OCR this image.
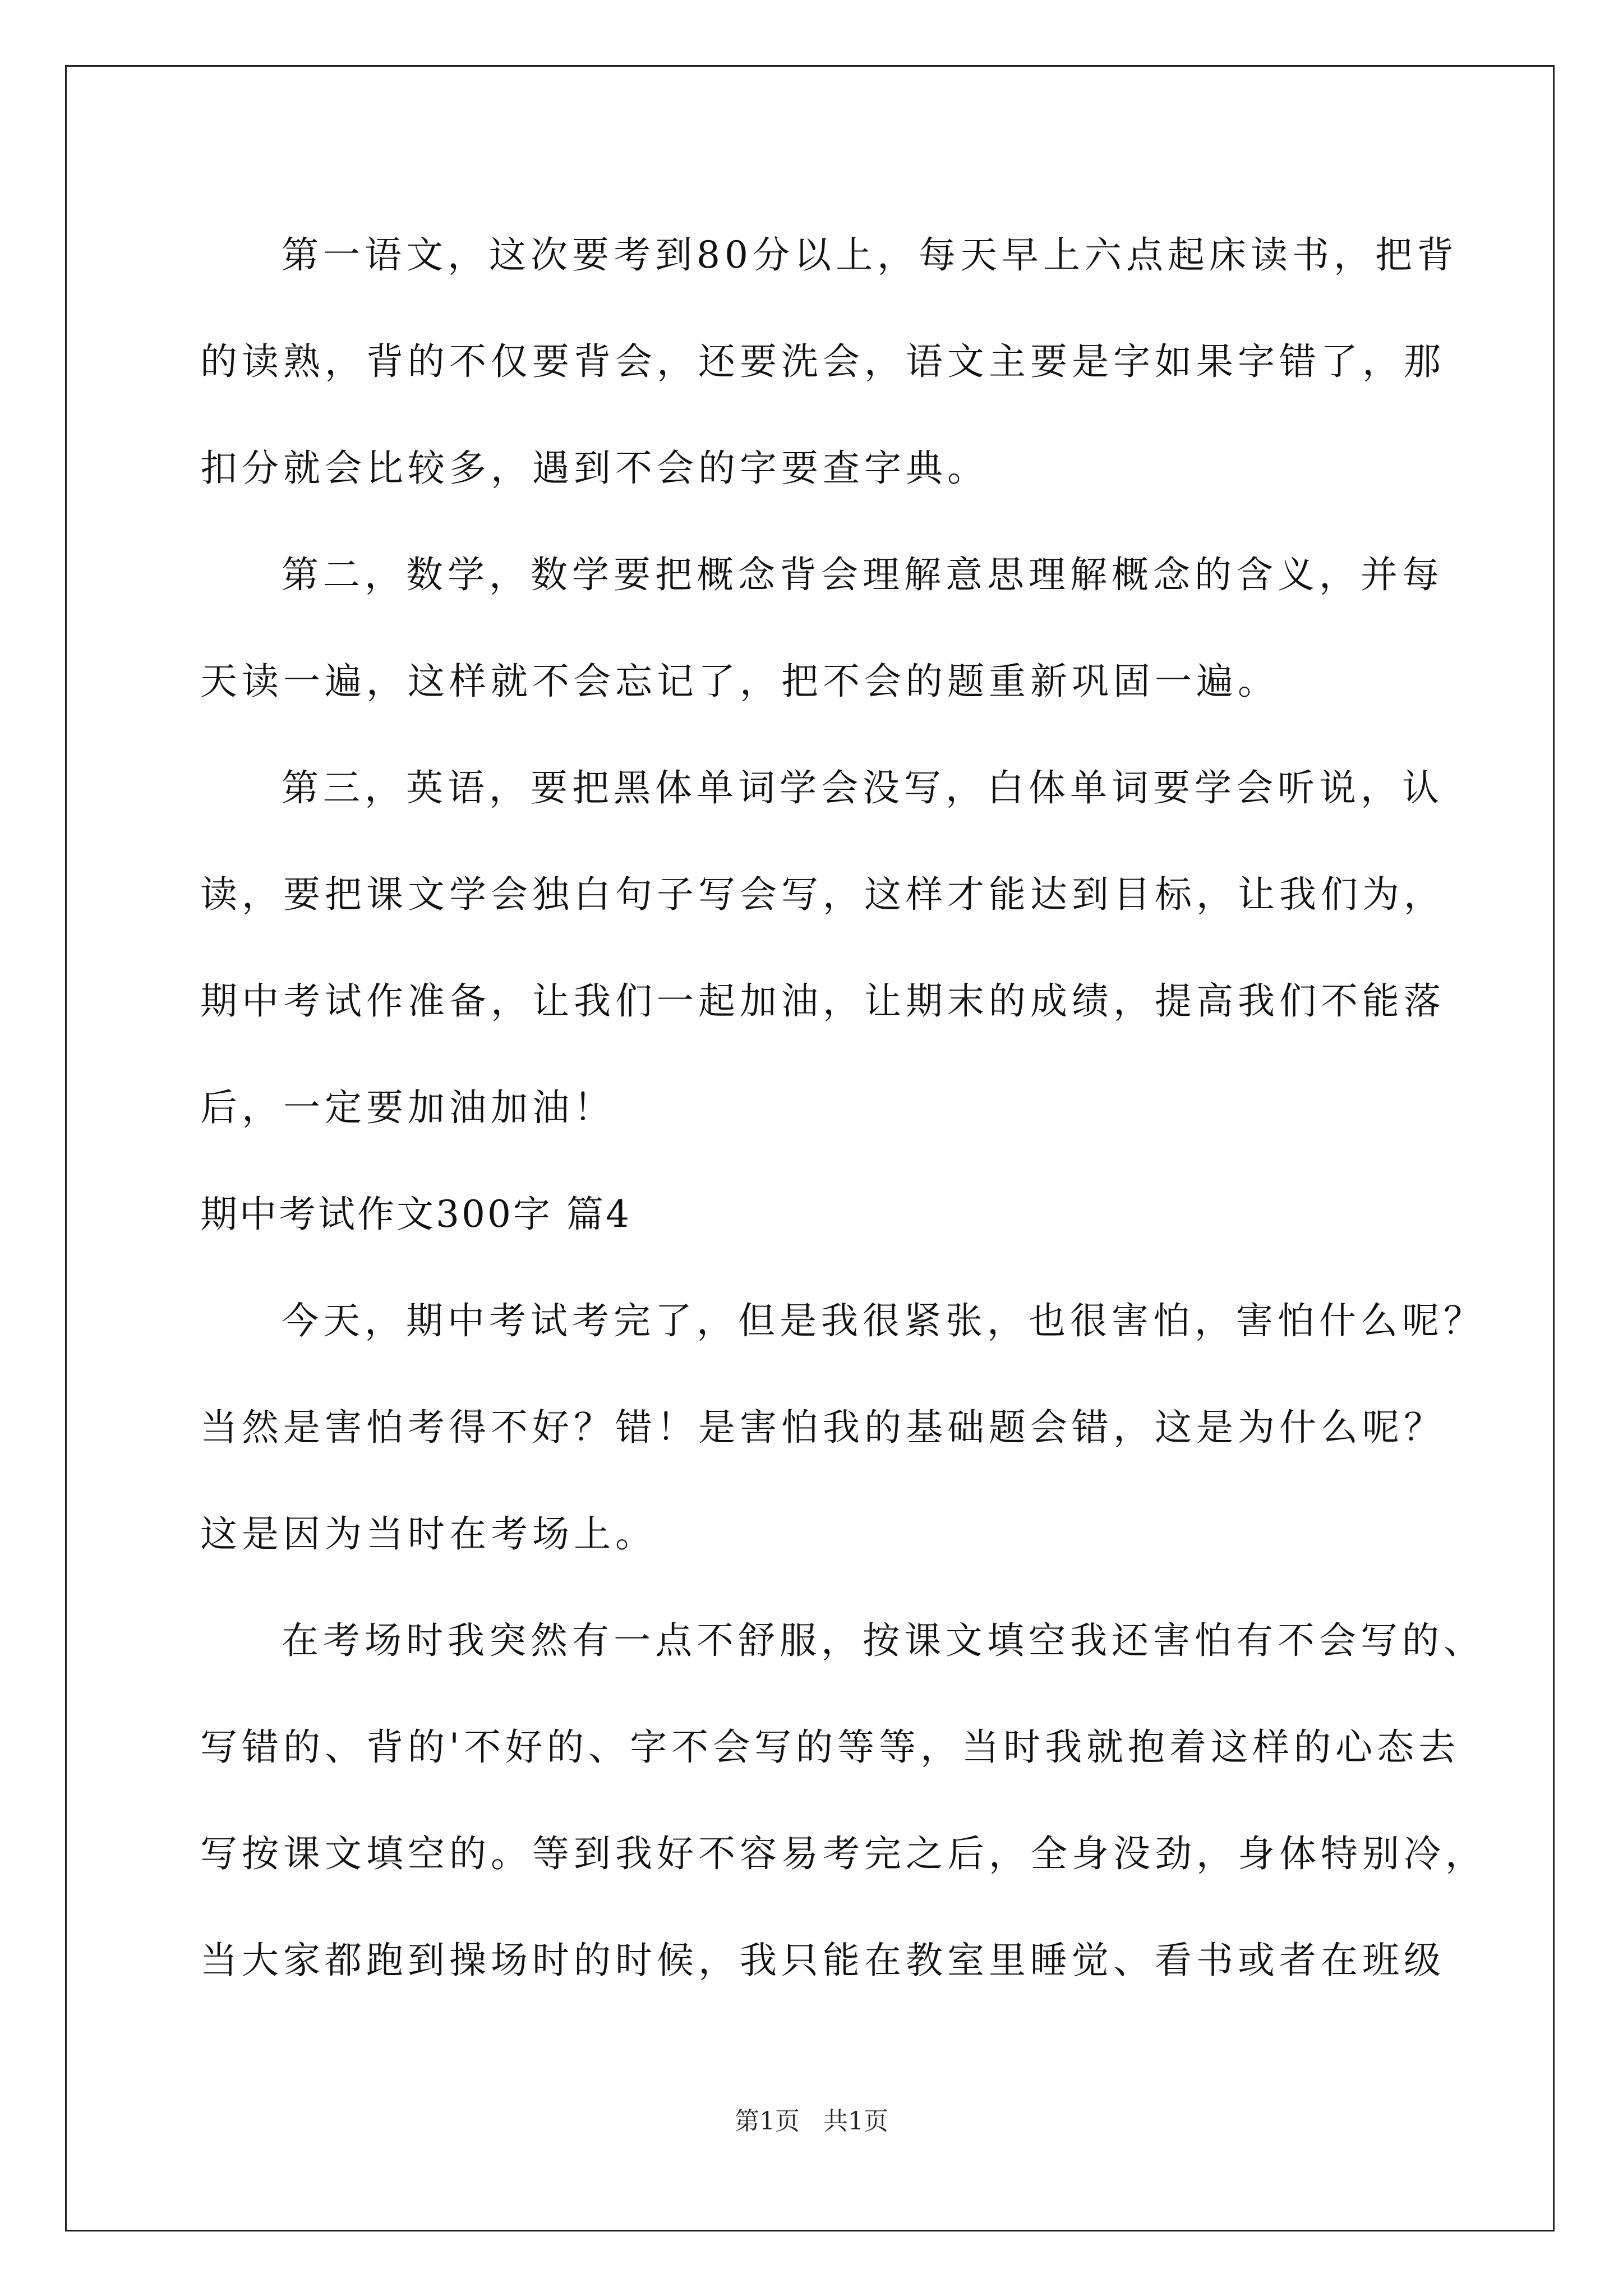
第一语文，这次要考到80分以上，每天早上六点起床读书，把背
的读熟，背的不仅要背会，还要洗会，语文主要是字如果字错了，那
扣分就会比较多，遇到不会的字要查字典。
第二，数学，数学要把概念背会理解意思理解概念的含义，并每
天读一遍，这样就不会忘记了，把不会的题重新巩固一遍。
第三，英语，要把黑体单词学会没写，白体单词要学会听说，认
读，要把课文学会独白句子写会写，这样才能达到目标，让我们为，
期中考试作准备，让我们一起加油，让期末的成绩，提高我们不能落
后，一定要加油加油！
期中考试作文300字 篇4
今天，期中考试考完了，但是我很紧张，也很害怕，害怕什么呢？
当然是害怕考得不好？错！是害怕我的基础题会错，这是为什么呢？
这是因为当时在考场上。
在考场时我突然有一点不舒服，按课文填空我还害怕有不会写的、
写错的、背的'不好的、字不会写的等等，当时我就抱着这样的心态去
写按课文填空的。等到我好不容易考完之后，全身没劲，身体特别冷，
当大家都跑到操场时的时候，我只能在教室里睡觉、看书或者在班级
第1页   共1页
